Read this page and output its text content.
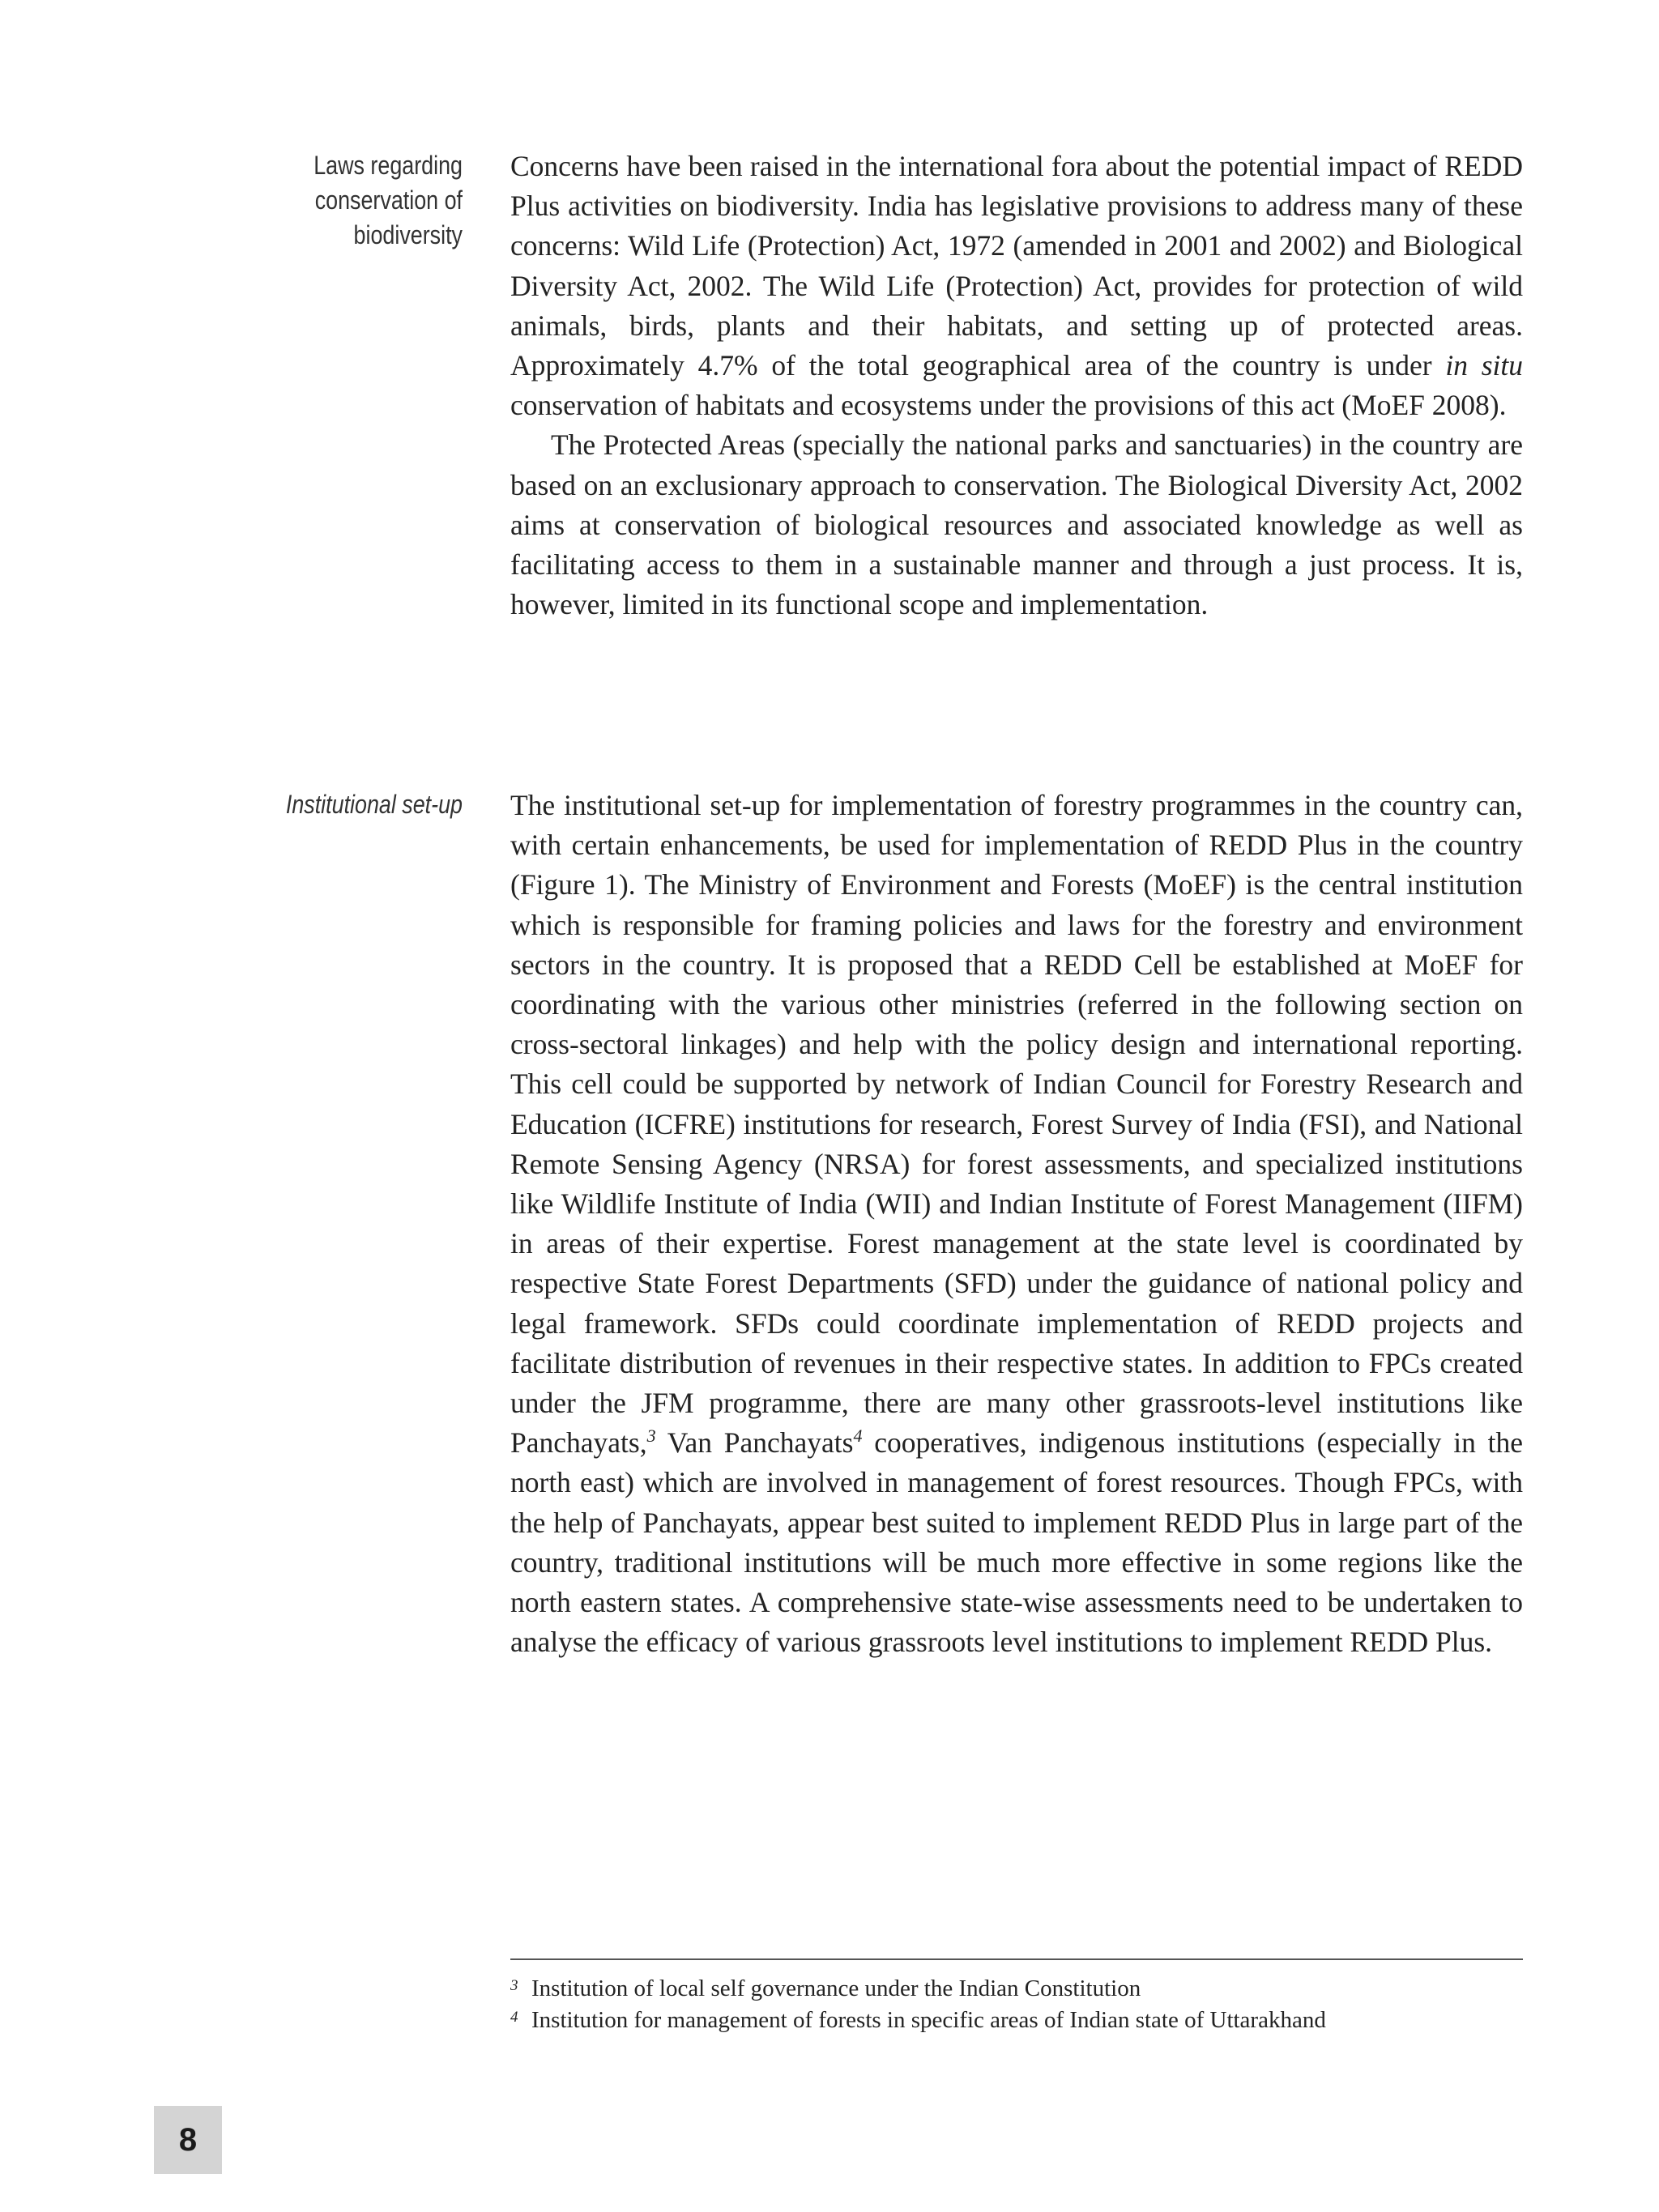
Laws regarding
conservation of
biodiversity

Concerns have been raised in the international fora about the potential impact of REDD Plus activities on biodiversity. India has legislative provisions to address many of these concerns: Wild Life (Protection) Act, 1972 (amended in 2001 and 2002) and Biological Diversity Act, 2002. The Wild Life (Protection) Act, provides for protection of wild animals, birds, plants and their habitats, and setting up of protected areas. Approximately 4.7% of the total geographical area of the country is under in situ conservation of habitats and ecosystems under the provisions of this act (MoEF 2008).

The Protected Areas (specially the national parks and sanctuaries) in the country are based on an exclusionary approach to conservation. The Biological Diversity Act, 2002 aims at conservation of biological resources and associated knowledge as well as facilitating access to them in a sustainable manner and through a just process. It is, however, limited in its functional scope and implementation.

Institutional set-up The institutional set-up for implementation of forestry programmes in the country can, with certain enhancements, be used for implementation of REDD Plus in the country (Figure 1). The Ministry of Environment and Forests (MoEF) is the central institution which is responsible for framing policies and laws for the forestry and environment sectors in the country. It is proposed that a REDD Cell be established at MoEF for coordinating with the various other ministries (referred in the following section on cross-sectoral linkages) and help with the policy design and international reporting. This cell could be supported by network of Indian Council for Forestry Research and Education (ICFRE) institutions for research, Forest Survey of India (FSI), and National Remote Sensing Agency (NRSA) for forest assessments, and specialized institutions like Wildlife Institute of India (WII) and Indian Institute of Forest Management (IIFM) in areas of their expertise. Forest management at the state level is coordinated by respective State Forest Departments (SFD) under the guidance of national policy and legal framework. SFDs could coordinate implementation of REDD projects and facilitate distribution of revenues in their respective states. In addition to FPCs created under the JFM programme, there are many other grassroots-level institutions like Panchayats,$^3$ Van Panchayats$^4$ cooperatives, indigenous institutions (especially in the north east) which are involved in management of forest resources. Though FPCs, with the help of Panchayats, appear best suited to implement REDD Plus in large part of the country, traditional institutions will be much more effective in some regions like the north eastern states. A comprehensive state-wise assessments need to be undertaken to analyse the efficacy of various grassroots level institutions to implement REDD Plus.

3 Institution of local self governance under the Indian Constitution
4 Institution for management of forests in specific areas of Indian state of Uttarakhand
8
